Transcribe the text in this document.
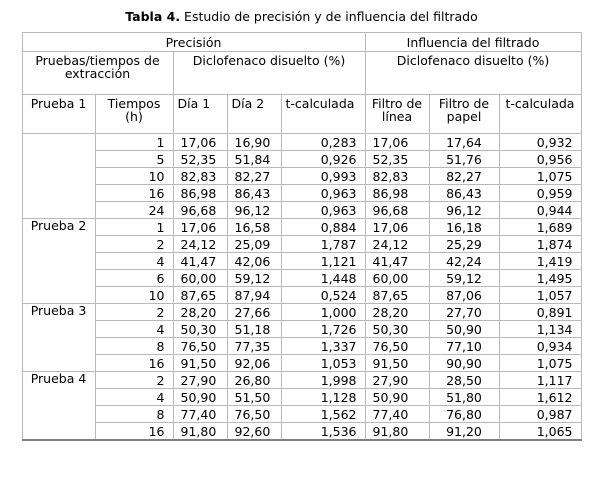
Tabla 4. Estudio de precisión y de influencia del filtrado
Precisión					Influencia del filtrado		
Pruebas/tiempos de extracción		Diclofenaco disuelto (%)			Diclofenaco disuelto (%)		
Prueba 1	Tiempos (h)	Día 1	Día 2	t-calculada	Filtro de línea	Filtro de papel	t-calculada
	1	17,06	16,90	0,283	17,06	17,64	0,932
	5	52,35	51,84	0,926	52,35	51,76	0,956
	10	82,83	82,27	0,993	82,83	82,27	1,075
	16	86,98	86,43	0,963	86,98	86,43	0,959
	24	96,68	96,12	0,963	96,68	96,12	0,944
Prueba 2	1	17,06	16,58	0,884	17,06	16,18	1,689
	2	24,12	25,09	1,787	24,12	25,29	1,874
	4	41,47	42,06	1,121	41,47	42,24	1,419
	6	60,00	59,12	1,448	60,00	59,12	1,495
	10	87,65	87,94	0,524	87,65	87,06	1,057
Prueba 3	2	28,20	27,66	1,000	28,20	27,70	0,891
	4	50,30	51,18	1,726	50,30	50,90	1,134
	8	76,50	77,35	1,337	76,50	77,10	0,934
	16	91,50	92,06	1,053	91,50	90,90	1,075
Prueba 4	2	27,90	26,80	1,998	27,90	28,50	1,117
	4	50,90	51,50	1,128	50,90	51,80	1,612
	8	77,40	76,50	1,562	77,40	76,80	0,987
	16	91,80	92,60	1,536	91,80	91,20	1,065
